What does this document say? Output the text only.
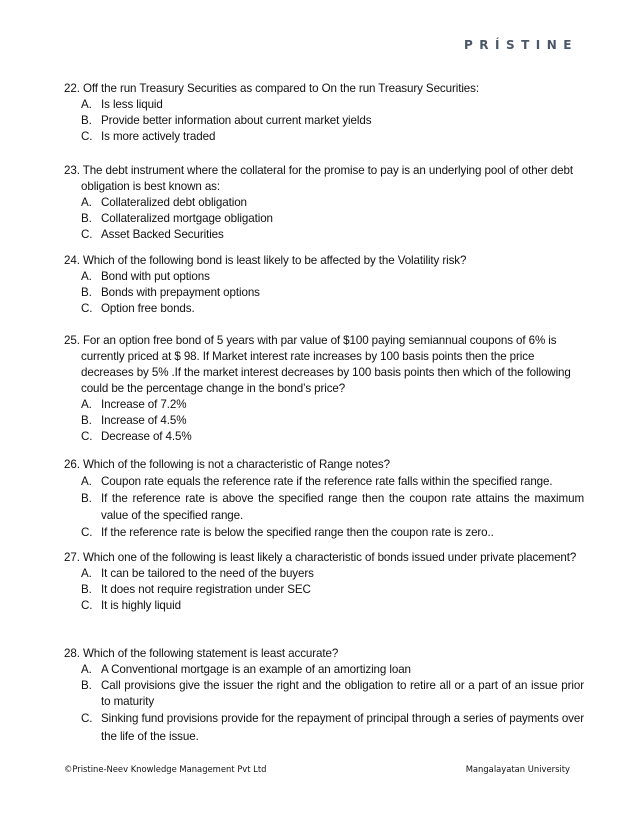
PRÍSTINE
22. Off the run Treasury Securities as compared to On the run Treasury Securities:
A. Is less liquid
B. Provide better information about current market yields
C. Is more actively traded
23. The debt instrument where the collateral for the promise to pay is an underlying pool of other debt obligation is best known as:
A. Collateralized debt obligation
B. Collateralized mortgage obligation
C. Asset Backed Securities
24. Which of the following bond is least likely to be affected by the Volatility risk?
A. Bond with put options
B. Bonds with prepayment options
C. Option free bonds.
25. For an option free bond of 5 years with par value of $100 paying semiannual coupons of 6% is currently priced at $ 98. If Market interest rate increases by 100 basis points then the price decreases by 5% .If the market interest decreases by 100 basis points then which of the following could be the percentage change in the bond’s price?
A. Increase of 7.2%
B. Increase of 4.5%
C. Decrease of 4.5%
26. Which of the following is not a characteristic of Range notes?
A. Coupon rate equals the reference rate if the reference rate falls within the specified range.
B. If the reference rate is above the specified range then the coupon rate attains the maximum value of the specified range.
C. If the reference rate is below the specified range then the coupon rate is zero..
27. Which one of the following is least likely a characteristic of bonds issued under private placement?
A. It can be tailored to the need of the buyers
B. It does not require registration under SEC
C. It is highly liquid
28. Which of the following statement is least accurate?
A. A Conventional mortgage is an example of an amortizing loan
B. Call provisions give the issuer the right and the obligation to retire all or a part of an issue prior to maturity
C. Sinking fund provisions provide for the repayment of principal through a series of payments over the life of the issue.
©Pristine-Neev Knowledge Management Pvt Ltd	Mangalayatan University
